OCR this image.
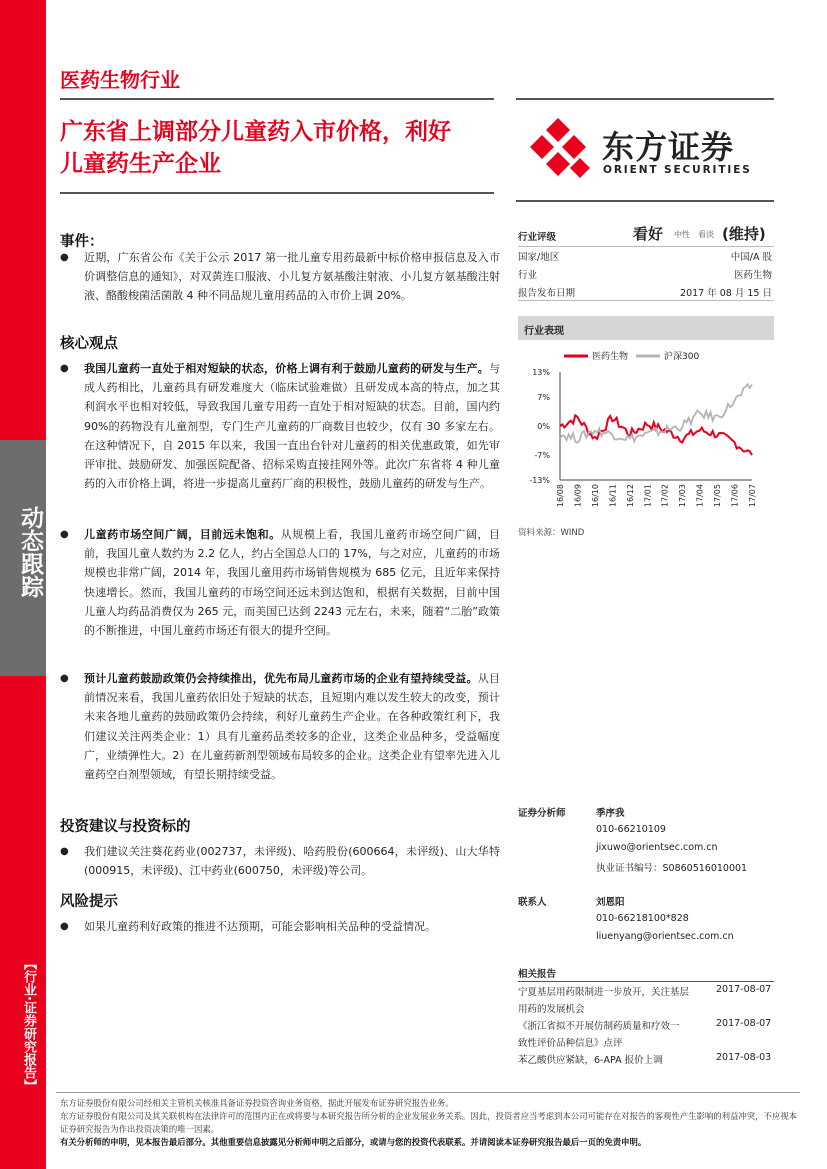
动态跟踪
【行业·证券研究报告】
医药生物行业
广东省上调部分儿童药入市价格，利好
儿童药生产企业	东方证券
ORIENT SECURITIES
事件：
●	近期，广东省公布《关于公示 2017 第一批儿童专用药最新中标价格申报信息及入市价调整信息的通知》，对双黄连口服液、小儿复方氨基酸注射液、小儿复方氨基酸注射液、酪酸梭菌活菌散 4 种不同品规儿童用药品的入市价上调 20%。
核心观点
●	我国儿童药一直处于相对短缺的状态，价格上调有利于鼓励儿童药的研发与生产。与成人药相比，儿童药具有研发难度大（临床试验难做）且研发成本高的特点，加之其利润水平也相对较低，导致我国儿童专用药一直处于相对短缺的状态。目前，国内约 90%的药物没有儿童剂型，专门生产儿童药的厂商数目也较少，仅有 30 多家左右。在这种情况下，自 2015 年以来，我国一直出台针对儿童药的相关优惠政策，如先审评审批、鼓励研发、加强医院配备、招标采购直接挂网外等。此次广东省将 4 种儿童药的入市价格上调，将进一步提高儿童药厂商的积极性，鼓励儿童药的研发与生产。
●	儿童药市场空间广阔，目前远未饱和。从规模上看，我国儿童药市场空间广阔，目前，我国儿童人数约为 2.2 亿人，约占全国总人口的 17%，与之对应，儿童药的市场规模也非常广阔，2014 年，我国儿童用药市场销售规模为 685 亿元，且近年来保持快速增长。然而，我国儿童药的市场空间还远未到达饱和，根据有关数据，目前中国儿童人均药品消费仅为 265 元，而美国已达到 2243 元左右，未来，随着“二胎”政策的不断推进，中国儿童药市场还有很大的提升空间。
●	预计儿童药鼓励政策仍会持续推出，优先布局儿童药市场的企业有望持续受益。从目前情况来看，我国儿童药依旧处于短缺的状态，且短期内难以发生较大的改变，预计未来各地儿童药的鼓励政策仍会持续，利好儿童药生产企业。在各种政策红利下，我们建议关注两类企业：1）具有儿童药品类较多的企业，这类企业品种多，受益幅度广，业绩弹性大。2）在儿童药新剂型领域布局较多的企业。这类企业有望率先进入儿童药空白剂型领域，有望长期持续受益。
投资建议与投资标的
●	我们建议关注葵花药业(002737，未评级)、哈药股份(600664，未评级)、山大华特(000915，未评级)、江中药业(600750，未评级)等公司。
风险提示
●	如果儿童药利好政策的推进不达预期，可能会影响相关品种的受益情况。
行业评级	看好 中性 看淡 (维持)
国家/地区	中国/A 股
行业	医药生物
报告发布日期	2017 年 08 月 15 日
行业表现
医药生物	沪深300
13%
7%
0%
-7%
-13%
16/08 16/09 16/10 16/11 16/12 17/01 17/02 17/03 17/04 17/05 17/06 17/07
资料来源：WIND
证券分析师	季序我
010-66210109
jixuwo@orientsec.com.cn
执业证书编号：S0860516010001
联系人	刘恩阳
010-66218100*828
liuenyang@orientsec.com.cn
相关报告
宁夏基层用药限制进一步放开，关注基层
用药的发展机会
2017-08-07
《浙江省拟不开展仿制药质量和疗效一
致性评价品种信息》点评
2017-08-07
苯乙酸供应紧缺，6-APA 报价上调	2017-08-03
东方证券股份有限公司经相关主管机关核准具备证券投资咨询业务资格，据此开展发布证券研究报告业务。
东方证券股份有限公司及其关联机构在法律许可的范围内正在或将要与本研究报告所分析的企业发展业务关系。因此，投资者应当考虑到本公司可能存在对报告的客观性产生影响的利益冲突，不应视本证券研究报告为作出投资决策的唯一因素。
有关分析师的申明，见本报告最后部分。其他重要信息披露见分析师申明之后部分，或请与您的投资代表联系。并请阅读本证券研究报告最后一页的免责申明。
